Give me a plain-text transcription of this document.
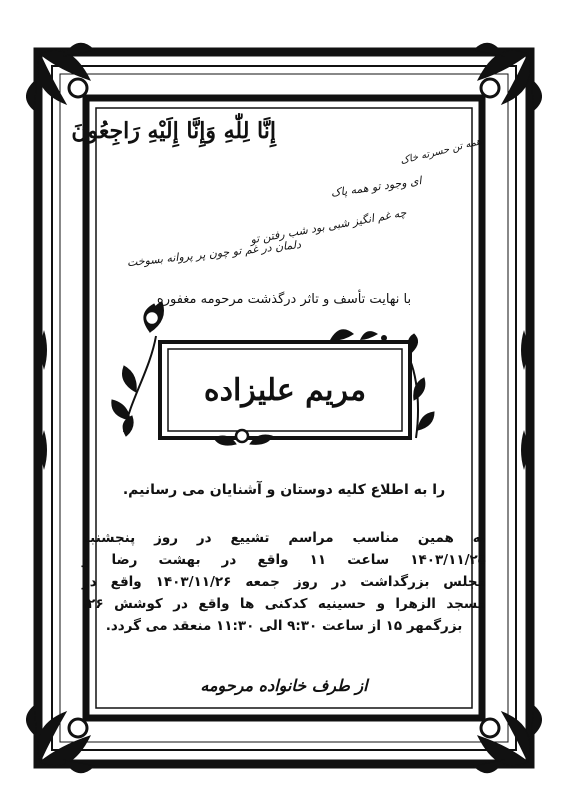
إِنَّا لِلّٰهِ وَإِنَّا إِلَيْهِ رَاجِعُونَ
همه تن حسرته خاک
ای وجود تو همه پاک
چه غم انگیز شبی بود شب رفتن تو
دلمان در غم تو چون پر پروانه بسوخت
با نهایت تأسف و تاثر درگذشت مرحومه مغفوره
مریم علیزاده
را به اطلاع کلیه دوستان و آشنایان می رسانیم.
به همین مناسب مراسم تشییع در روز پنجشنبه
۱۴۰۳/۱۱/۲۵ ساعت ۱۱ واقع در بهشت رضا و
مجلس بزرگداشت در روز جمعه ۱۴۰۳/۱۱/۲۶ واقع در
مسجد الزهرا و حسینیه کدکنی ها واقع در کوشش ۲۶،
بزرگمهر ۱۵ از ساعت ۹:۳۰ الی ۱۱:۳۰ منعقد می گردد.
از طرف خانواده مرحومه
